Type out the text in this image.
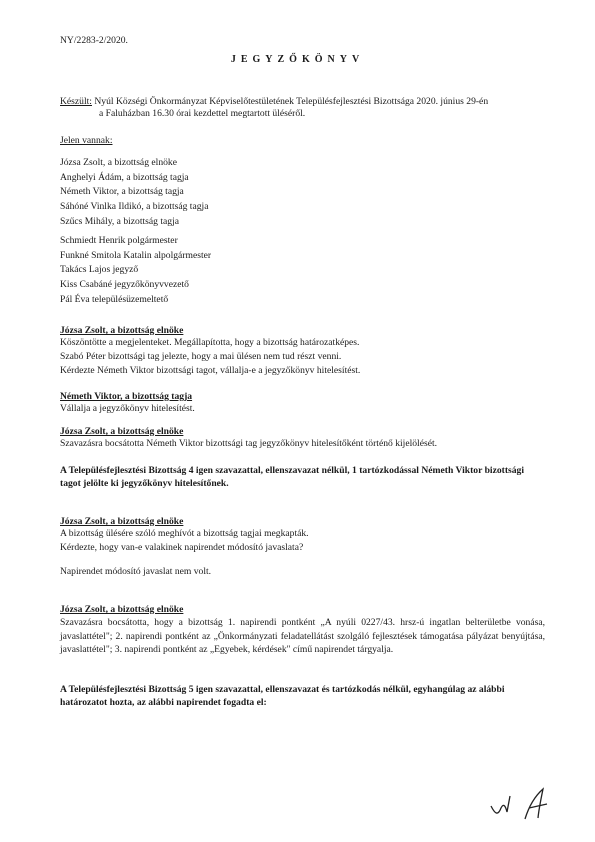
NY/2283-2/2020.
JEGYZŐKÖNYV
Készült: Nyúl Községi Önkormányzat Képviselőtestületének Településfejlesztési Bizottsága 2020. június 29-én
a Faluházban 16.30 órai kezdettel megtartott üléséről.
Jelen vannak:
Józsa Zsolt, a bizottság elnöke
Anghelyi Ádám, a bizottság tagja
Németh Viktor, a bizottság tagja
Sáhóné Vinlka Ildikó, a bizottság tagja
Szűcs Mihály, a bizottság tagja
Schmiedt Henrik polgármester
Funkné Smitola Katalin alpolgármester
Takács Lajos jegyző
Kiss Csabáné jegyzőkönyvvezető
Pál Éva településüzemeltető
Józsa Zsolt, a bizottság elnöke
Köszöntötte a megjelenteket. Megállapította, hogy a bizottság határozatképes.
Szabó Péter bizottsági tag jelezte, hogy a mai ülésen nem tud részt venni.
Kérdezte Németh Viktor bizottsági tagot, vállalja-e a jegyzőkönyv hitelesítést.
Németh Viktor, a bizottság tagja
Vállalja a jegyzőkönyv hitelesítést.
Józsa Zsolt, a bizottság elnöke
Szavazásra bocsátotta Németh Viktor bizottsági tag jegyzőkönyv hitelesítőként történő kijelölését.
A Településfejlesztési Bizottság 4 igen szavazattal, ellenszavazat nélkül, 1 tartózkodással Németh Viktor bizottsági tagot jelölte ki jegyzőkönyv hitelesítőnek.
Józsa Zsolt, a bizottság elnöke
A bizottság ülésére szóló meghívót a bizottság tagjai megkapták.
Kérdezte, hogy van-e valakinek napirendet módosító javaslata?
Napirendet módosító javaslat nem volt.
Józsa Zsolt, a bizottság elnöke
Szavazásra bocsátotta, hogy a bizottság 1. napirendi pontként „A nyúli 0227/43. hrsz-ú ingatlan belterületbe vonása, javaslattétel"; 2. napirendi pontként az „Önkormányzati feladatellátást szolgáló fejlesztések támogatása pályázat benyújtása, javaslattétel"; 3. napirendi pontként az „Egyebek, kérdések" című napirendet tárgyalja.
A Településfejlesztési Bizottság 5 igen szavazattal, ellenszavazat és tartózkodás nélkül, egyhangúlag az alábbi határozatot hozta, az alábbi napirendet fogadta el:
